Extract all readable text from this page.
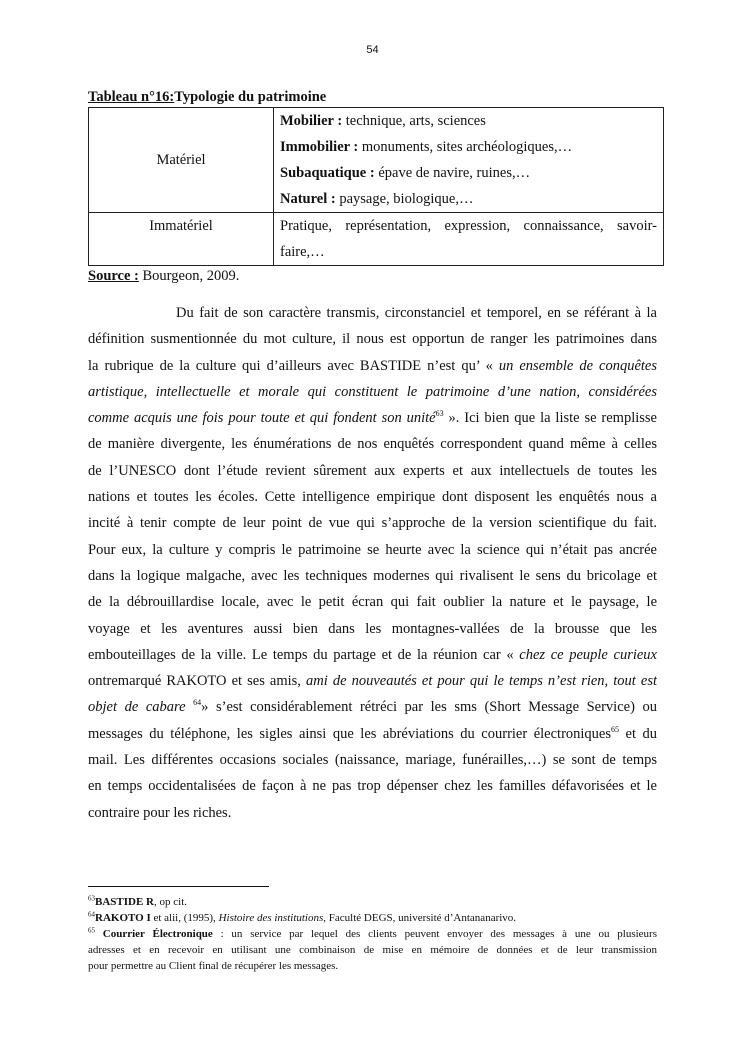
54
Tableau n°16:Typologie du patrimoine
Matériel	Mobilier : technique, arts, sciences
Immobilier : monuments, sites archéologiques,…
Subaquatique : épave de navire, ruines,…
Naturel : paysage, biologique,…

Immatériel	Pratique, représentation, expression, connaissance, savoir-
faire,…
Source : Bourgeon, 2009.
Du fait de son caractère transmis, circonstanciel et temporel, en se référant à la
définition susmentionnée du mot culture, il nous est opportun de ranger les patrimoines dans
la rubrique de la culture qui d’ailleurs avec BASTIDE n’est qu’ « un ensemble de conquêtes
artistique, intellectuelle et morale qui constituent le patrimoine d’une nation, considérées
comme acquis une fois pour toute et qui fondent son unité$^{63}$ ». Ici bien que la liste se remplisse
de manière divergente, les énumérations de nos enquêtés correspondent quand même à celles
de l’UNESCO dont l’étude revient sûrement aux experts et aux intellectuels de toutes les
nations et toutes les écoles. Cette intelligence empirique dont disposent les enquêtés nous a
incité à tenir compte de leur point de vue qui s’approche de la version scientifique du fait.
Pour eux, la culture y compris le patrimoine se heurte avec la science qui n’était pas ancrée
dans la logique malgache, avec les techniques modernes qui rivalisent le sens du bricolage et
de la débrouillardise locale, avec le petit écran qui fait oublier la nature et le paysage, le
voyage et les aventures aussi bien dans les montagnes-vallées de la brousse que les
embouteillages de la ville. Le temps du partage et de la réunion car « chez ce peuple curieux
ontremarqué RAKOTO et ses amis, ami de nouveautés et pour qui le temps n’est rien, tout est
objet de cabare $^{64}$» s’est considérablement rétréci par les sms (Short Message Service) ou
messages du téléphone, les sigles ainsi que les abréviations du courrier électroniques$^{65}$ et du
mail. Les différentes occasions sociales (naissance, mariage, funérailles,…) se sont de temps
en temps occidentalisées de façon à ne pas trop dépenser chez les familles défavorisées et le
contraire pour les riches.
$^{63}$BASTIDE R, op cit.
$^{64}$RAKOTO I et alii, (1995), Histoire des institutions, Faculté DEGS, université d’Antananarivo.
$^{65}$ Courrier Électronique : un service par lequel des clients peuvent envoyer des messages à une ou plusieurs
adresses et en recevoir en utilisant une combinaison de mise en mémoire de données et de leur transmission
pour permettre au Client final de récupérer les messages.
